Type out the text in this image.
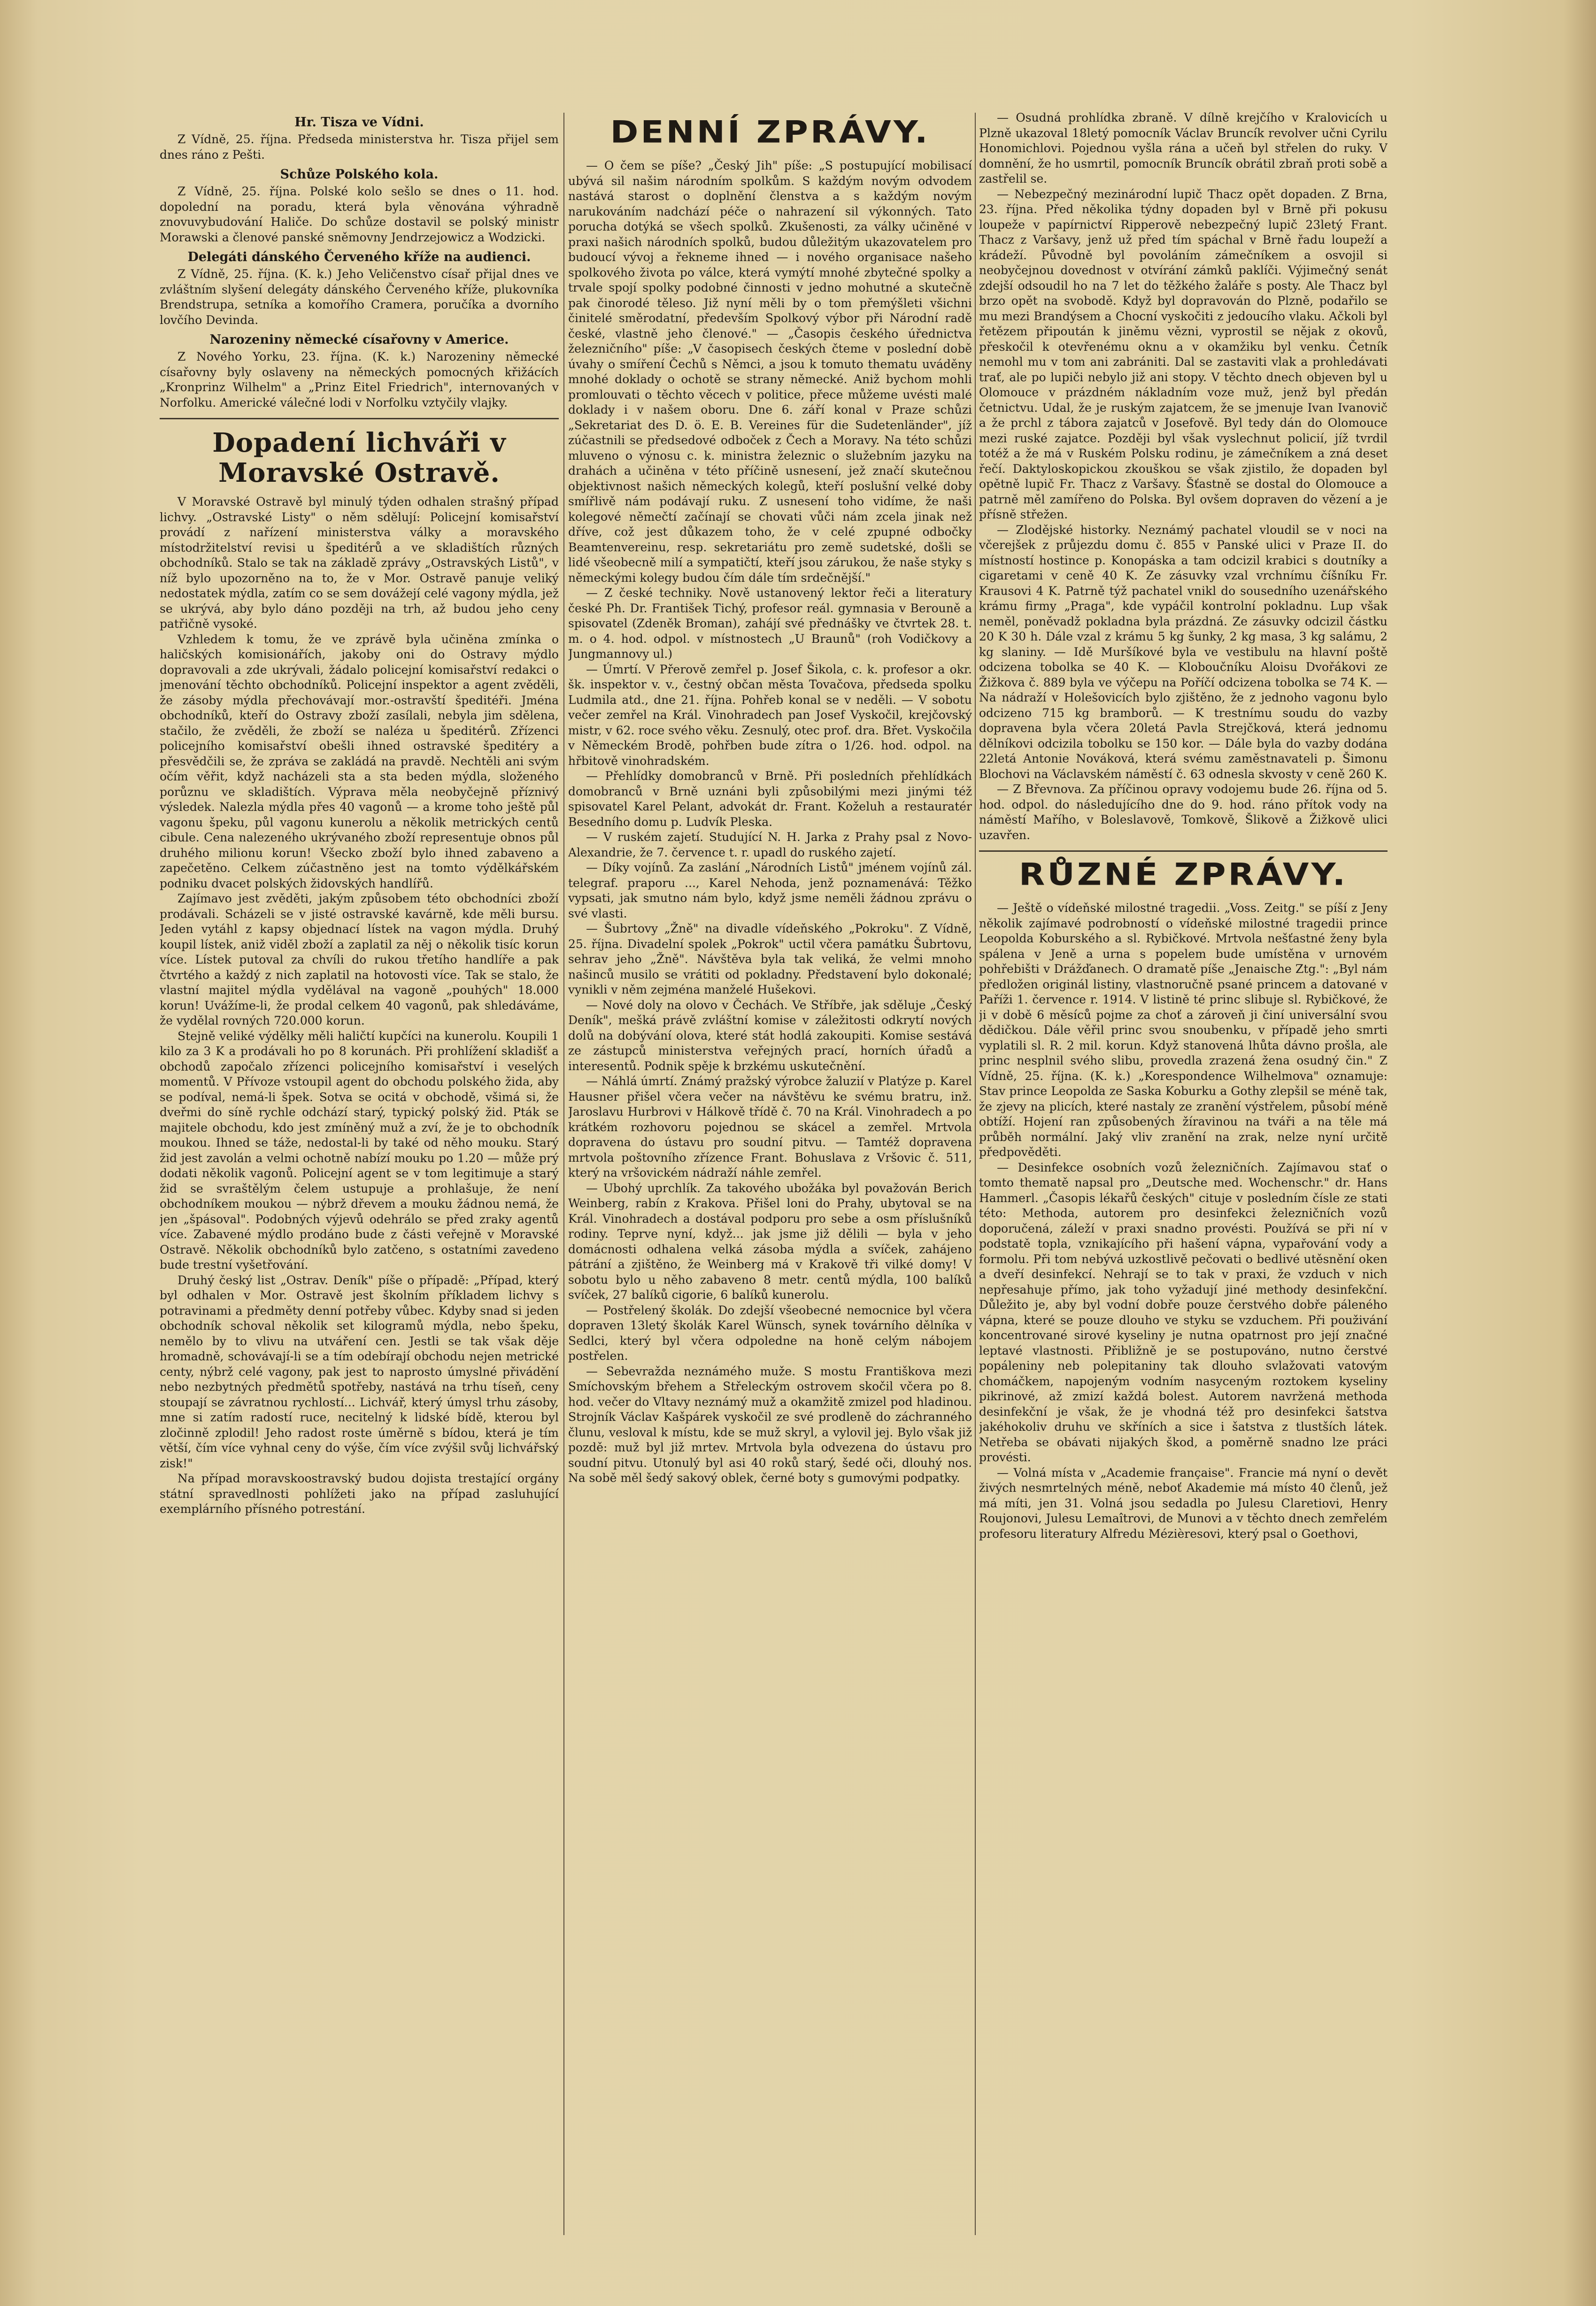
Hr. Tisza ve Vídni.

Z Vídně, 25. října. Předseda ministerstva hr. Tisza přijel sem dnes ráno z Pešti.

Schůze Polského kola.

Z Vídně, 25. října. Polské kolo sešlo se dnes o 11. hod. dopolední na poradu, která byla věnována výhradně znovuvybudování Haliče. Do schůze dostavil se polský ministr Morawski a členové panské sněmovny Jendrzejowicz a Wodzicki.

Delegáti dánského Červeného kříže na audienci.

Z Vídně, 25. října. (K. k.) Jeho Veličenstvo císař přijal dnes ve zvláštním slyšení delegáty dánského Červeného kříže, plukovníka Brendstrupa, setníka a komořího Cramera, poručíka a dvorního lovčího Devinda.

Narozeniny německé císařovny v Americe.

Z Nového Yorku, 23. října. (K. k.) Narozeniny německé císařovny byly oslaveny na německých pomocných křižácích „Kronprinz Wilhelm" a „Prinz Eitel Friedrich", internovaných v Norfolku. Americké válečné lodi v Norfolku vztyčily vlajky.

Dopadení lichváři v Moravské Ostravě.

V Moravské Ostravě byl minulý týden odhalen strašný případ lichvy. „Ostravské Listy" o něm sdělují: Policejní komisařství provádí z nařízení ministerstva války a moravského místodržitelství revisi u špeditérů a ve skladištích různých obchodníků. Stalo se tak na základě zprávy „Ostravských Listů", v níž bylo upozorněno na to, že v Mor. Ostravě panuje veliký nedostatek mýdla, zatím co se sem dovážejí celé vagony mýdla, jež se ukrývá, aby bylo dáno později na trh, až budou jeho ceny patřičně vysoké.

Vzhledem k tomu, že ve zprávě byla učiněna zmínka o haličských komisionářích, jakoby oni do Ostravy mýdlo dopravovali a zde ukrývali, žádalo policejní komisařství redakci o jmenování těchto obchodníků. Policejní inspektor a agent zvěděli, že zásoby mýdla přechovávají mor.-ostravští špeditéři. Jména obchodníků, kteří do Ostravy zboží zasílali, nebyla jim sdělena, stačilo, že zvěděli, že zboží se naléza u špeditérů. Zřízenci policejního komisařství obešli ihned ostravské špeditéry a přesvědčili se, že zpráva se zakládá na pravdě. Nechtěli ani svým očím věřit, když nacházeli sta a sta beden mýdla, složeného porůznu ve skladištích. Výprava měla neobyčejně příznivý výsledek. Nalezla mýdla přes 40 vagonů — a krome toho ještě půl vagonu špeku, půl vagonu kunerolu a několik metrických centů cibule. Cena nalezeného ukrývaného zboží representuje obnos půl druhého milionu korun! Všecko zboží bylo ihned zabaveno a zapečetěno. Celkem zúčastněno jest na tomto výdělkářském podniku dvacet polských židovských handlířů.

Zajímavo jest zvěděti, jakým způsobem této obchodníci zboží prodávali. Scházeli se v jisté ostravské kavárně, kde měli bursu. Jeden vytáhl z kapsy objednací lístek na vagon mýdla. Druhý koupil lístek, aniž viděl zboží a zaplatil za něj o několik tisíc korun více. Lístek putoval za chvíli do rukou třetího handlíře a pak čtvrtého a každý z nich zaplatil na hotovosti více. Tak se stalo, že vlastní majitel mýdla vydělával na vagoně „pouhých" 18.000 korun! Uvážíme-li, že prodal celkem 40 vagonů, pak shledáváme, že vydělal rovných 720.000 korun.

Stejně veliké výdělky měli haličtí kupčíci na kunerolu. Koupili 1 kilo za 3 K a prodávali ho po 8 korunách. Při prohlížení skladišť a obchodů započalo zřízenci policejního komisařství i veselých momentů. V Přívoze vstoupil agent do obchodu polského žida, aby se podíval, nemá-li špek. Sotva se ocitá v obchodě, všimá si, že dveřmi do síně rychle odchází starý, typický polský žid. Pták se majitele obchodu, kdo jest zmíněný muž a zví, že je to obchodník moukou. Ihned se táže, nedostal-li by také od něho mouku. Starý žid jest zavolán a velmi ochotně nabízí mouku po 1.20 — může prý dodati několik vagonů. Policejní agent se v tom legitimuje a starý žid se svraštělým čelem ustupuje a prohlašuje, že není obchodníkem moukou — nýbrž dřevem a mouku žádnou nemá, že jen „špásoval". Podobných výjevů odehrálo se před zraky agentů více. Zabavené mýdlo prodáno bude z části veřejně v Moravské Ostravě. Několik obchodníků bylo zatčeno, s ostatními zavedeno bude trestní vyšetřování.

Druhý český list „Ostrav. Deník" píše o případě: „Případ, který byl odhalen v Mor. Ostravě jest školním příkladem lichvy s potravinami a předměty denní potřeby vůbec. Kdyby snad si jeden obchodník schoval několik set kilogramů mýdla, nebo špeku, nemělo by to vlivu na utváření cen. Jestli se tak však děje hromadně, schovávají-li se a tím odebírají obchodu nejen metrické centy, nýbrž celé vagony, pak jest to naprosto úmyslné přivádění nebo nezbytných předmětů spotřeby, nastává na trhu tíseň, ceny stoupají se závratnou rychlostí... Lichvář, který úmysl trhu zásoby, mne si zatím radostí ruce, necitelný k lidské bídě, kterou byl zločinně zplodil! Jeho radost roste úměrně s bídou, která je tím větší, čím více vyhnal ceny do výše, čím více zvýšil svůj lichvářský zisk!"

Na případ moravskoostravský budou dojista trestající orgány státní spravedlnosti pohlížeti jako na případ zasluhující exemplárního přísného potrestání.

DENNÍ ZPRÁVY.

— O čem se píše? „Český Jih" píše: „S postupující mobilisací ubývá sil našim národním spolkům. S každým novým odvodem nastává starost o doplnění členstva a s každým novým narukováním nadchází péče o nahrazení sil výkonných. Tato porucha dotýká se všech spolků. Zkušenosti, za války učiněné v praxi našich národních spolků, budou důležitým ukazovatelem pro budoucí vývoj a řekneme ihned — i nového organisace našeho spolkového života po válce, která vymýtí mnohé zbytečné spolky a trvale spojí spolky podobné činnosti v jedno mohutné a skutečně pak činorodé těleso. Již nyní měli by o tom přemýšleti všichni činitelé směrodatní, především Spolkový výbor při Národní radě české, vlastně jeho členové." — „Časopis českého úřednictva železničního" píše: „V časopisech českých čteme v poslední době úvahy o smíření Čechů s Němci, a jsou k tomuto thematu uváděny mnohé doklady o ochotě se strany německé. Aniž bychom mohli promlouvati o těchto věcech v politice, přece můžeme uvésti malé doklady i v našem oboru. Dne 6. září konal v Praze schůzi „Sekretariat des D. ö. E. B. Vereines für die Sudetenländer", jíž zúčastnili se předsedové odboček z Čech a Moravy. Na této schůzi mluveno o výnosu c. k. ministra železnic o služebním jazyku na drahách a učiněna v této příčině usnesení, jež značí skutečnou objektivnost našich německých kolegů, kteří poslušní velké doby smířlivě nám podávají ruku. Z usnesení toho vidíme, že naši kolegové němečtí začínají se chovati vůči nám zcela jinak než dříve, což jest důkazem toho, že v celé zpupné odbočky Beamtenvereinu, resp. sekretariátu pro země sudetské, došli se lidé všeobecně milí a sympatičtí, kteří jsou zárukou, že naše styky s německými kolegy budou čím dále tím srdečnější."

— Z české techniky. Nově ustanovený lektor řeči a literatury české Ph. Dr. František Tichý, profesor reál. gymnasia v Berouně a spisovatel (Zdeněk Broman), zahájí své přednášky ve čtvrtek 28. t. m. o 4. hod. odpol. v místnostech „U Braunů" (roh Vodičkovy a Jungmannovy ul.)

— Úmrtí. V Přerově zemřel p. Josef Šikola, c. k. profesor a okr. šk. inspektor v. v., čestný občan města Tovačova, předseda spolku Ludmila atd., dne 21. října. Pohřeb konal se v neděli. — V sobotu večer zemřel na Král. Vinohradech pan Josef Vyskočil, krejčovský mistr, v 62. roce svého věku. Zesnulý, otec prof. dra. Břet. Vyskočila v Německém Brodě, pohřben bude zítra o 1/26. hod. odpol. na hřbitově vinohradském.

— Přehlídky domobranců v Brně. Při posledních přehlídkách domobranců v Brně uznáni byli způsobilými mezi jinými též spisovatel Karel Pelant, advokát dr. Frant. Koželuh a restauratér Besedního domu p. Ludvík Pleska.

— V ruském zajetí. Studující N. H. Jarka z Prahy psal z Novo-Alexandrie, že 7. července t. r. upadl do ruského zajetí.

— Díky vojínů. Za zaslání „Národních Listů" jménem vojínů zál. telegraf. praporu ..., Karel Nehoda, jenž poznamenává: Těžko vypsati, jak smutno nám bylo, když jsme neměli žádnou zprávu o své vlasti.

— Šubrtovy „Žně" na divadle vídeňského „Pokroku". Z Vídně, 25. října. Divadelní spolek „Pokrok" uctil včera památku Šubrtovu, sehrav jeho „Žně". Návštěva byla tak veliká, že velmi mnoho našinců musilo se vrátiti od pokladny. Představení bylo dokonalé; vynikli v něm zejména manželé Hušekovi.

— Nové doly na olovo v Čechách. Ve Stříbře, jak sděluje „Český Deník", mešká právě zvláštní komise v záležitosti odkrytí nových dolů na dobývání olova, které stát hodlá zakoupiti. Komise sestává ze zástupců ministerstva veřejných prací, horních úřadů a interesentů. Podnik spěje k brzkému uskutečnění.

— Náhlá úmrtí. Známý pražský výrobce žaluzií v Platýze p. Karel Hausner přišel včera večer na návštěvu ke svému bratru, inž. Jaroslavu Hurbrovi v Hálkově třídě č. 70 na Král. Vinohradech a po krátkém rozhovoru pojednou se skácel a zemřel. Mrtvola dopravena do ústavu pro soudní pitvu. — Tamtéž dopravena mrtvola poštovního zřízence Frant. Bohuslava z Vršovic č. 511, který na vršovickém nádraží náhle zemřel.

— Ubohý uprchlík. Za takového ubožáka byl považován Berich Weinberg, rabín z Krakova. Přišel loni do Prahy, ubytoval se na Král. Vinohradech a dostával podporu pro sebe a osm příslušníků rodiny. Teprve nyní, když... jak jsme již dělili — byla v jeho domácnosti odhalena velká zásoba mýdla a svíček, zahájeno pátrání a zjištěno, že Weinberg má v Krakově tři vilké domy! V sobotu bylo u něho zabaveno 8 metr. centů mýdla, 100 balíků svíček, 27 balíků cigorie, 6 balíků kunerolu.

— Postřelený školák. Do zdejší všeobecné nemocnice byl včera dopraven 13letý školák Karel Wünsch, synek továrního dělníka v Sedlci, který byl včera odpoledne na honě celým nábojem postřelen.

— Sebevražda neznámého muže. S mostu Františkova mezi Smíchovským břehem a Střeleckým ostrovem skočil včera po 8. hod. večer do Vltavy neznámý muž a okamžitě zmizel pod hladinou. Strojník Václav Kašpárek vyskočil ze své prodleně do záchranného člunu, vesloval k místu, kde se muž skryl, a vylovil jej. Bylo však již pozdě: muž byl již mrtev. Mrtvola byla odvezena do ústavu pro soudní pitvu. Utonulý byl asi 40 roků starý, šedé oči, dlouhý nos. Na sobě měl šedý sakový oblek, černé boty s gumovými podpatky.

— Osudná prohlídka zbraně. V dílně krejčího v Kralovicích u Plzně ukazoval 18letý pomocník Václav Bruncík revolver učni Cyrilu Honomichlovi. Pojednou vyšla rána a učeň byl střelen do ruky. V domnění, že ho usmrtil, pomocník Bruncík obrátil zbraň proti sobě a zastřelil se.

— Nebezpečný mezinárodní lupič Thacz opět dopaden. Z Brna, 23. října. Před několika týdny dopaden byl v Brně při pokusu loupeže v papírnictví Ripperově nebezpečný lupič 23letý Frant. Thacz z Varšavy, jenž už před tím spáchal v Brně řadu loupeží a krádeží. Původně byl povoláním zámečníkem a osvojil si neobyčejnou dovednost v otvírání zámků paklíči. Výjimečný senát zdejší odsoudil ho na 7 let do těžkého žaláře s posty. Ale Thacz byl brzo opět na svobodě. Když byl dopravován do Plzně, podařilo se mu mezi Brandýsem a Chocní vyskočiti z jedoucího vlaku. Ačkoli byl řetězem připoután k jiněmu vězni, vyprostil se nějak z okovů, přeskočil k otevřenému oknu a v okamžiku byl venku. Četník nemohl mu v tom ani zabrániti. Dal se zastaviti vlak a prohledávati trať, ale po lupiči nebylo již ani stopy. V těchto dnech objeven byl u Olomouce v prázdném nákladním voze muž, jenž byl předán četnictvu. Udal, že je ruským zajatcem, že se jmenuje Ivan Ivanovič a že prchl z tábora zajatců v Josefově. Byl tedy dán do Olomouce mezi ruské zajatce. Později byl však vyslechnut policií, jíž tvrdil totéž a že má v Ruském Polsku rodinu, je zámečníkem a zná deset řečí. Daktyloskopickou zkouškou se však zjistilo, že dopaden byl opětně lupič Fr. Thacz z Varšavy. Šťastně se dostal do Olomouce a patrně měl zamířeno do Polska. Byl ovšem dopraven do vězení a je přísně střežen.

— Zlodějské historky. Neznámý pachatel vloudil se v noci na včerejšek z průjezdu domu č. 855 v Panské ulici v Praze II. do místností hostince p. Konopáska a tam odcizil krabici s doutníky a cigaretami v ceně 40 K. Ze zásuvky vzal vrchnímu číšníku Fr. Krausovi 4 K. Patrně týž pachatel vnikl do sousedního uzenářského krámu firmy „Praga", kde vypáčil kontrolní pokladnu. Lup však neměl, poněvadž pokladna byla prázdná. Ze zásuvky odcizil částku 20 K 30 h. Dále vzal z krámu 5 kg šunky, 2 kg masa, 3 kg salámu, 2 kg slaniny. — Idě Muršíkové byla ve vestibulu na hlavní poště odcizena tobolka se 40 K. — Kloboučníku Aloisu Dvořákovi ze Žižkova č. 889 byla ve výčepu na Poříčí odcizena tobolka se 74 K. — Na nádraží v Holešovicích bylo zjištěno, že z jednoho vagonu bylo odcizeno 715 kg bramborů. — K trestnímu soudu do vazby dopravena byla včera 20letá Pavla Strejčková, která jednomu dělníkovi odcizila tobolku se 150 kor. — Dále byla do vazby dodána 22letá Antonie Nováková, která svému zaměstnavateli p. Šimonu Blochovi na Václavském náměstí č. 63 odnesla skvosty v ceně 260 K.

— Z Břevnova. Za příčinou opravy vodojemu bude 26. října od 5. hod. odpol. do následujícího dne do 9. hod. ráno přítok vody na náměstí Mařího, v Boleslavově, Tomkově, Šlikově a Žižkově ulici uzavřen.

RŮZNÉ ZPRÁVY.

— Ještě o vídeňské milostné tragedii. „Voss. Zeitg." se píší z Jeny několik zajímavé podrobností o vídeňské milostné tragedii prince Leopolda Koburského a sl. Rybičkové. Mrtvola nešťastné ženy byla spálena v Jeně a urna s popelem bude umístěna v urnovém pohřebišti v Drážďanech. O dramatě píše „Jenaische Ztg.": „Byl nám předložen originál listiny, vlastnoručně psané princem a datované v Paříži 1. července r. 1914. V listině té princ slibuje sl. Rybičkové, že ji v době 6 měsíců pojme za choť a zároveň ji činí universální svou dědičkou. Dále věřil princ svou snoubenku, v případě jeho smrti vyplatili sl. R. 2 mil. korun. Když stanovená lhůta dávno prošla, ale princ nesplnil svého slibu, provedla zrazená žena osudný čin." Z Vídně, 25. října. (K. k.) „Korespondence Wilhelmova" oznamuje: Stav prince Leopolda ze Saska Koburku a Gothy zlepšil se méně tak, že zjevy na plicích, které nastaly ze zranění výstřelem, působí méně obtíží. Hojení ran způsobených žíravinou na tváři a na těle má průběh normální. Jaký vliv zranění na zrak, nelze nyní určitě předpověděti.

— Desinfekce osobních vozů železničních. Zajímavou stať o tomto thematě napsal pro „Deutsche med. Wochenschr." dr. Hans Hammerl. „Časopis lékařů českých" cituje v posledním čísle ze stati této: Methoda, autorem pro desinfekci železničních vozů doporučená, záleží v praxi snadno provésti. Používá se při ní v podstatě topla, vznikajícího při hašení vápna, vypařování vody a formolu. Při tom nebývá uzkostlivě pečovati o bedlivé utěsnění oken a dveří desinfekcí. Nehrají se to tak v praxi, že vzduch v nich nepřesahuje přímo, jak toho vyžadují jiné methody desinfekční. Důležito je, aby byl vodní dobře pouze čerstvého dobře páleného vápna, které se pouze dlouho ve styku se vzduchem. Při použivání koncentrované sirové kyseliny je nutna opatrnost pro její značné leptavé vlastnosti. Přibližně je se postupováno, nutno čerstvé popáleniny neb polepitaniny tak dlouho svlažovati vatovým chomáčkem, napojeným vodním nasyceným roztokem kyseliny pikrinové, až zmizí každá bolest. Autorem navržená methoda desinfekční je však, že je vhodná též pro desinfekci šatstva jakéhokoliv druhu ve skříních a sice i šatstva z tlustších látek. Netřeba se obávati nijakých škod, a poměrně snadno lze práci provésti.

— Volná místa v „Academie française". Francie má nyní o devět živých nesmrtelných méně, neboť Akademie má místo 40 členů, jež má míti, jen 31. Volná jsou sedadla po Julesu Claretiovi, Henry Roujonovi, Julesu Lemaîtrovi, de Munovi a v těchto dnech zemřelém profesoru literatury Alfredu Mézièresovi, který psal o Goethovi,
